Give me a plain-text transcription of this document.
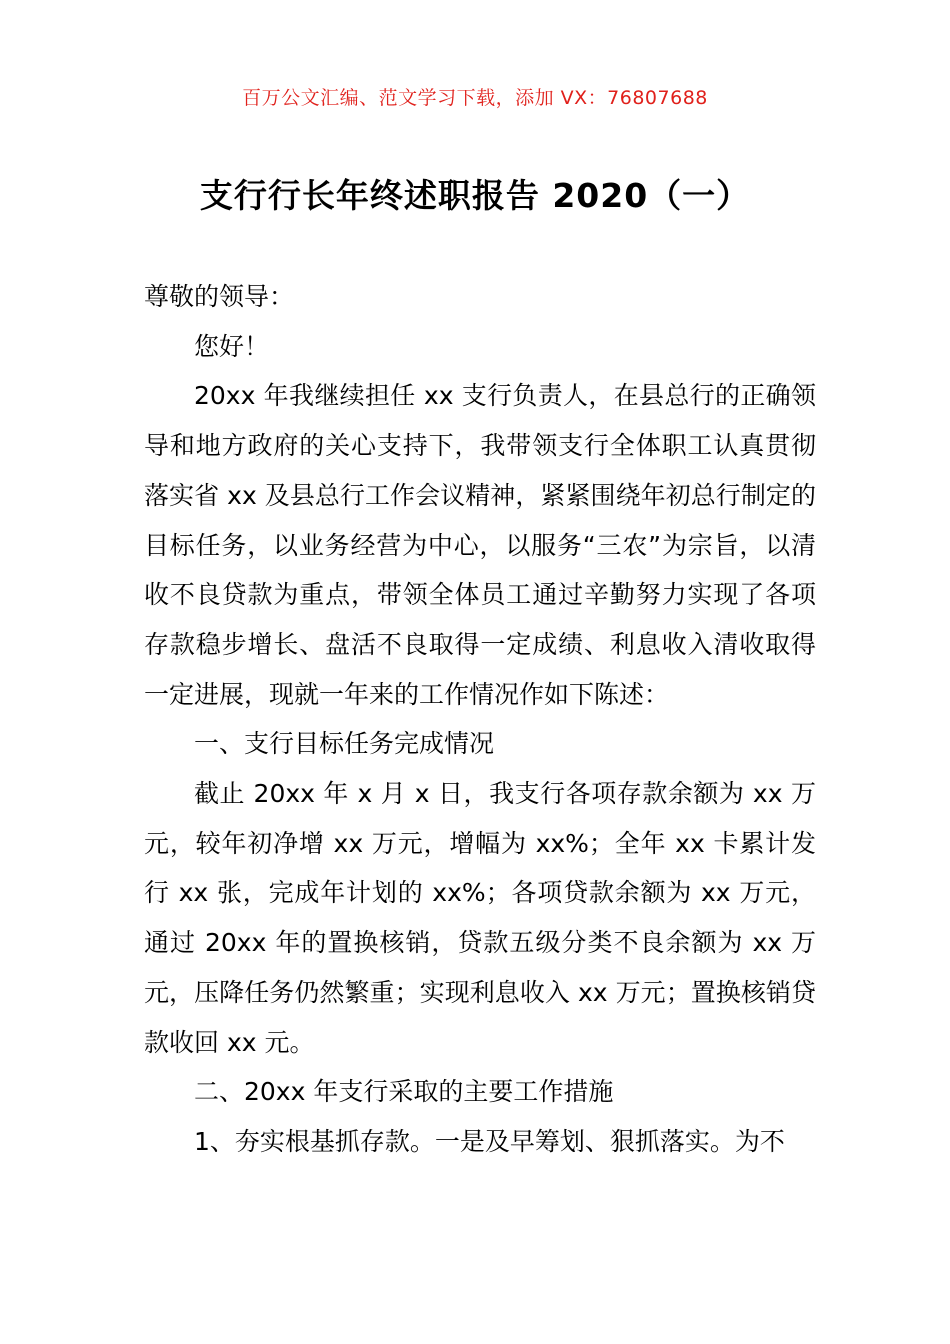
百万公文汇编、范文学习下载，添加 VX：76807688
支行行长年终述职报告 2020（一）

尊敬的领导：

您好！

20xx 年我继续担任 xx 支行负责人，在县总行的正确领导和地方政府的关心支持下，我带领支行全体职工认真贯彻落实省 xx 及县总行工作会议精神，紧紧围绕年初总行制定的目标任务，以业务经营为中心，以服务“三农”为宗旨，以清收不良贷款为重点，带领全体员工通过辛勤努力实现了各项存款稳步增长、盘活不良取得一定成绩、利息收入清收取得一定进展，现就一年来的工作情况作如下陈述：

一、支行目标任务完成情况

截止 20xx 年 x 月 x 日，我支行各项存款余额为 xx 万元，较年初净增 xx 万元，增幅为 xx%；全年 xx 卡累计发行 xx 张，完成年计划的 xx%；各项贷款余额为 xx 万元，通过 20xx 年的置换核销，贷款五级分类不良余额为 xx 万元，压降任务仍然繁重；实现利息收入 xx 万元；置换核销贷款收回 xx 元。

二、20xx 年支行采取的主要工作措施

1、夯实根基抓存款。一是及早筹划、狠抓落实。为不
